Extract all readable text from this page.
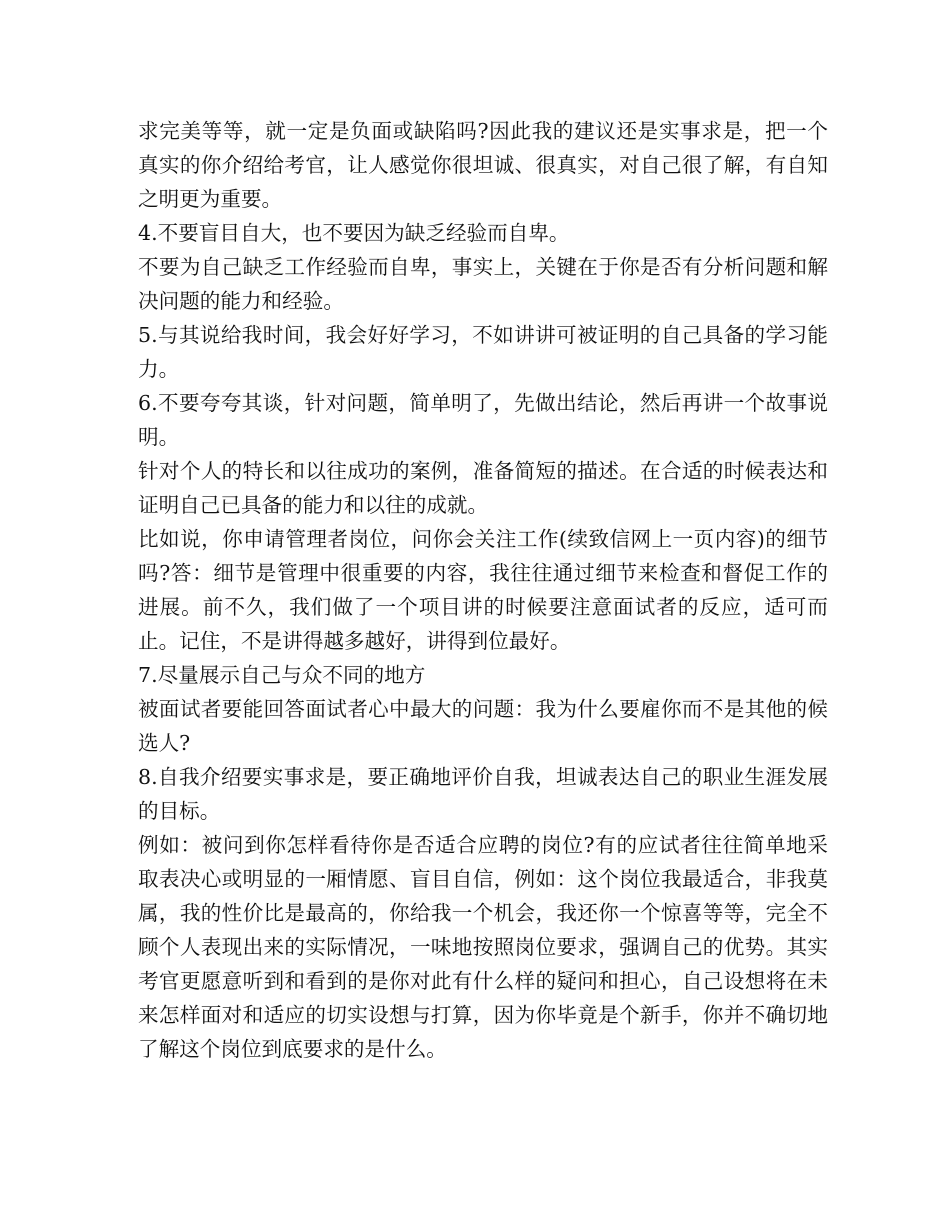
求完美等等，就一定是负面或缺陷吗?因此我的建议还是实事求是，把一个真实的你介绍给考官，让人感觉你很坦诚、很真实，对自己很了解，有自知之明更为重要。

4.不要盲目自大，也不要因为缺乏经验而自卑。

不要为自己缺乏工作经验而自卑，事实上，关键在于你是否有分析问题和解决问题的能力和经验。

5.与其说给我时间，我会好好学习，不如讲讲可被证明的自己具备的学习能力。

6.不要夸夸其谈，针对问题，简单明了，先做出结论，然后再讲一个故事说明。

针对个人的特长和以往成功的案例，准备简短的描述。在合适的时候表达和证明自己已具备的能力和以往的成就。

比如说，你申请管理者岗位，问你会关注工作(续致信网上一页内容)的细节吗?答：细节是管理中很重要的内容，我往往通过细节来检查和督促工作的进展。前不久，我们做了一个项目讲的时候要注意面试者的反应，适可而止。记住，不是讲得越多越好，讲得到位最好。

7.尽量展示自己与众不同的地方

被面试者要能回答面试者心中最大的问题：我为什么要雇你而不是其他的候选人?

8.自我介绍要实事求是，要正确地评价自我，坦诚表达自己的职业生涯发展的目标。

例如：被问到你怎样看待你是否适合应聘的岗位?有的应试者往往简单地采取表决心或明显的一厢情愿、盲目自信，例如：这个岗位我最适合，非我莫属，我的性价比是最高的，你给我一个机会，我还你一个惊喜等等，完全不顾个人表现出来的实际情况，一味地按照岗位要求，强调自己的优势。其实考官更愿意听到和看到的是你对此有什么样的疑问和担心，自己设想将在未来怎样面对和适应的切实设想与打算，因为你毕竟是个新手，你并不确切地了解这个岗位到底要求的是什么。
